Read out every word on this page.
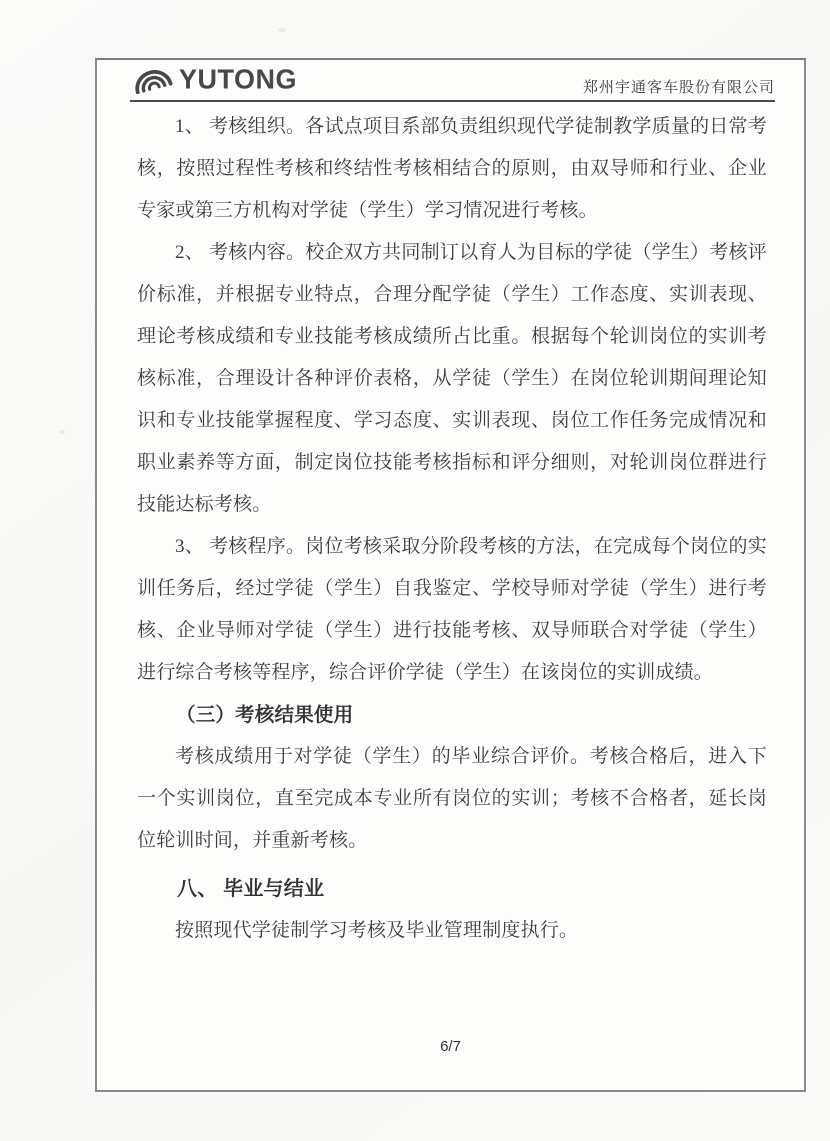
YUTONG	郑州宇通客车股份有限公司

1、 考核组织。各试点项目系部负责组织现代学徒制教学质量的日常考核，按照过程性考核和终结性考核相结合的原则，由双导师和行业、企业专家或第三方机构对学徒（学生）学习情况进行考核。

2、 考核内容。校企双方共同制订以育人为目标的学徒（学生）考核评价标准，并根据专业特点，合理分配学徒（学生）工作态度、实训表现、理论考核成绩和专业技能考核成绩所占比重。根据每个轮训岗位的实训考核标准，合理设计各种评价表格，从学徒（学生）在岗位轮训期间理论知识和专业技能掌握程度、学习态度、实训表现、岗位工作任务完成情况和职业素养等方面，制定岗位技能考核指标和评分细则，对轮训岗位群进行技能达标考核。

3、 考核程序。岗位考核采取分阶段考核的方法，在完成每个岗位的实训任务后，经过学徒（学生）自我鉴定、学校导师对学徒（学生）进行考核、企业导师对学徒（学生）进行技能考核、双导师联合对学徒（学生）进行综合考核等程序，综合评价学徒（学生）在该岗位的实训成绩。

（三）考核结果使用

考核成绩用于对学徒（学生）的毕业综合评价。考核合格后，进入下一个实训岗位，直至完成本专业所有岗位的实训；考核不合格者，延长岗位轮训时间，并重新考核。

八、 毕业与结业

按照现代学徒制学习考核及毕业管理制度执行。

6/7
